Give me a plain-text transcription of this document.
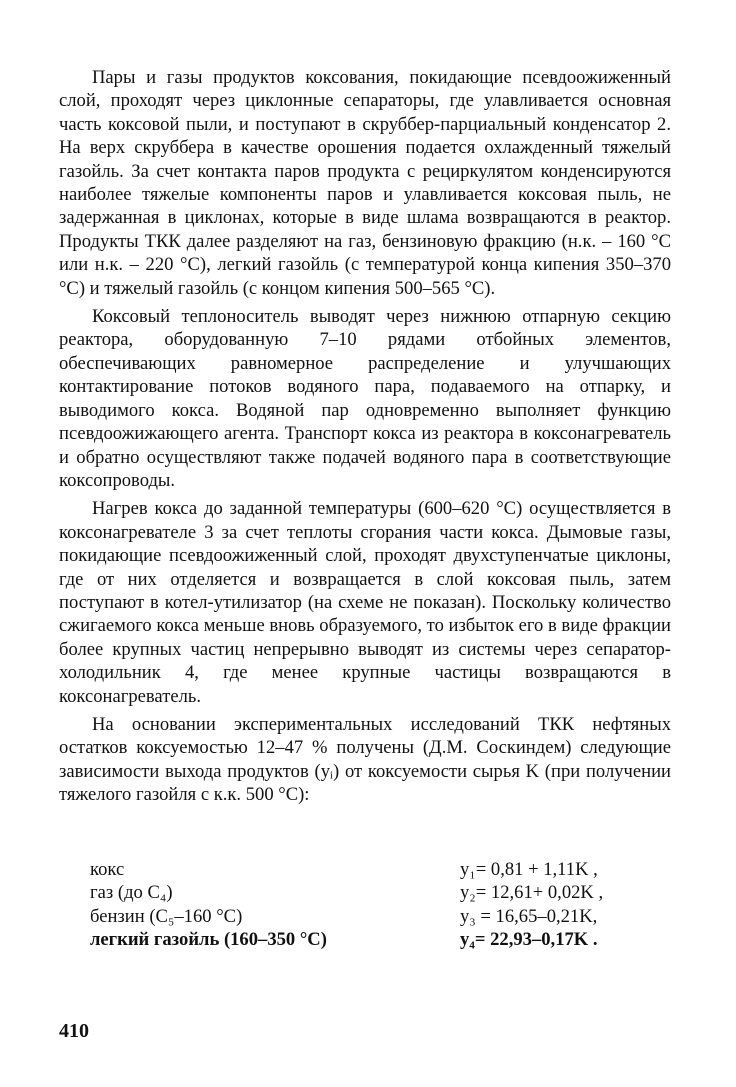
Пары и газы продуктов коксования, покидающие псевдоожиженный слой, проходят через циклонные сепараторы, где улавливается основная часть коксовой пыли, и поступают в скруббер-парциальный конденсатор 2. На верх скруббера в качестве орошения подается охлажденный тяжелый газойль. За счет контакта паров продукта с рециркулятом конденсируются наиболее тяжелые компоненты паров и улавливается коксовая пыль, не задержанная в циклонах, которые в виде шлама возвращаются в реактор. Продукты ТКК далее разделяют на газ, бензиновую фракцию (н.к. – 160 °С или н.к. – 220 °С), легкий газойль (с температурой конца кипения 350–370 °С) и тяжелый газойль (с концом кипения 500–565 °С).

Коксовый теплоноситель выводят через нижнюю отпарную секцию реактора, оборудованную 7–10 рядами отбойных элементов, обеспечивающих равномерное распределение и улучшающих контактирование потоков водяного пара, подаваемого на отпарку, и выводимого кокса. Водяной пар одновременно выполняет функцию псевдоожижающего агента. Транспорт кокса из реактора в коксонагреватель и обратно осуществляют также подачей водяного пара в соответствующие коксопроводы.

Нагрев кокса до заданной температуры (600–620 °С) осуществляется в коксонагревателе 3 за счет теплоты сгорания части кокса. Дымовые газы, покидающие псевдоожиженный слой, проходят двухступенчатые циклоны, где от них отделяется и возвращается в слой коксовая пыль, затем поступают в котел-утилизатор (на схеме не показан). Поскольку количество сжигаемого кокса меньше вновь образуемого, то избыток его в виде фракции более крупных частиц непрерывно выводят из системы через сепаратор-холодильник 4, где менее крупные частицы возвращаются в коксонагреватель.

На основании экспериментальных исследований ТКК нефтяных остатков коксуемостью 12–47 % получены (Д.М. Соскиндем) следующие зависимости выхода продуктов (yᵢ) от коксуемости сырья K (при получении тяжелого газойля с к.к. 500 °С):

кокс	y₁= 0,81 + 1,11K ,
газ (до C₄)	y₂= 12,61+ 0,02K ,
бензин (C₅–160 °С)	y₃ = 16,65–0,21K,
легкий газойль (160–350 °С)	y₄= 22,93–0,17K .
410
